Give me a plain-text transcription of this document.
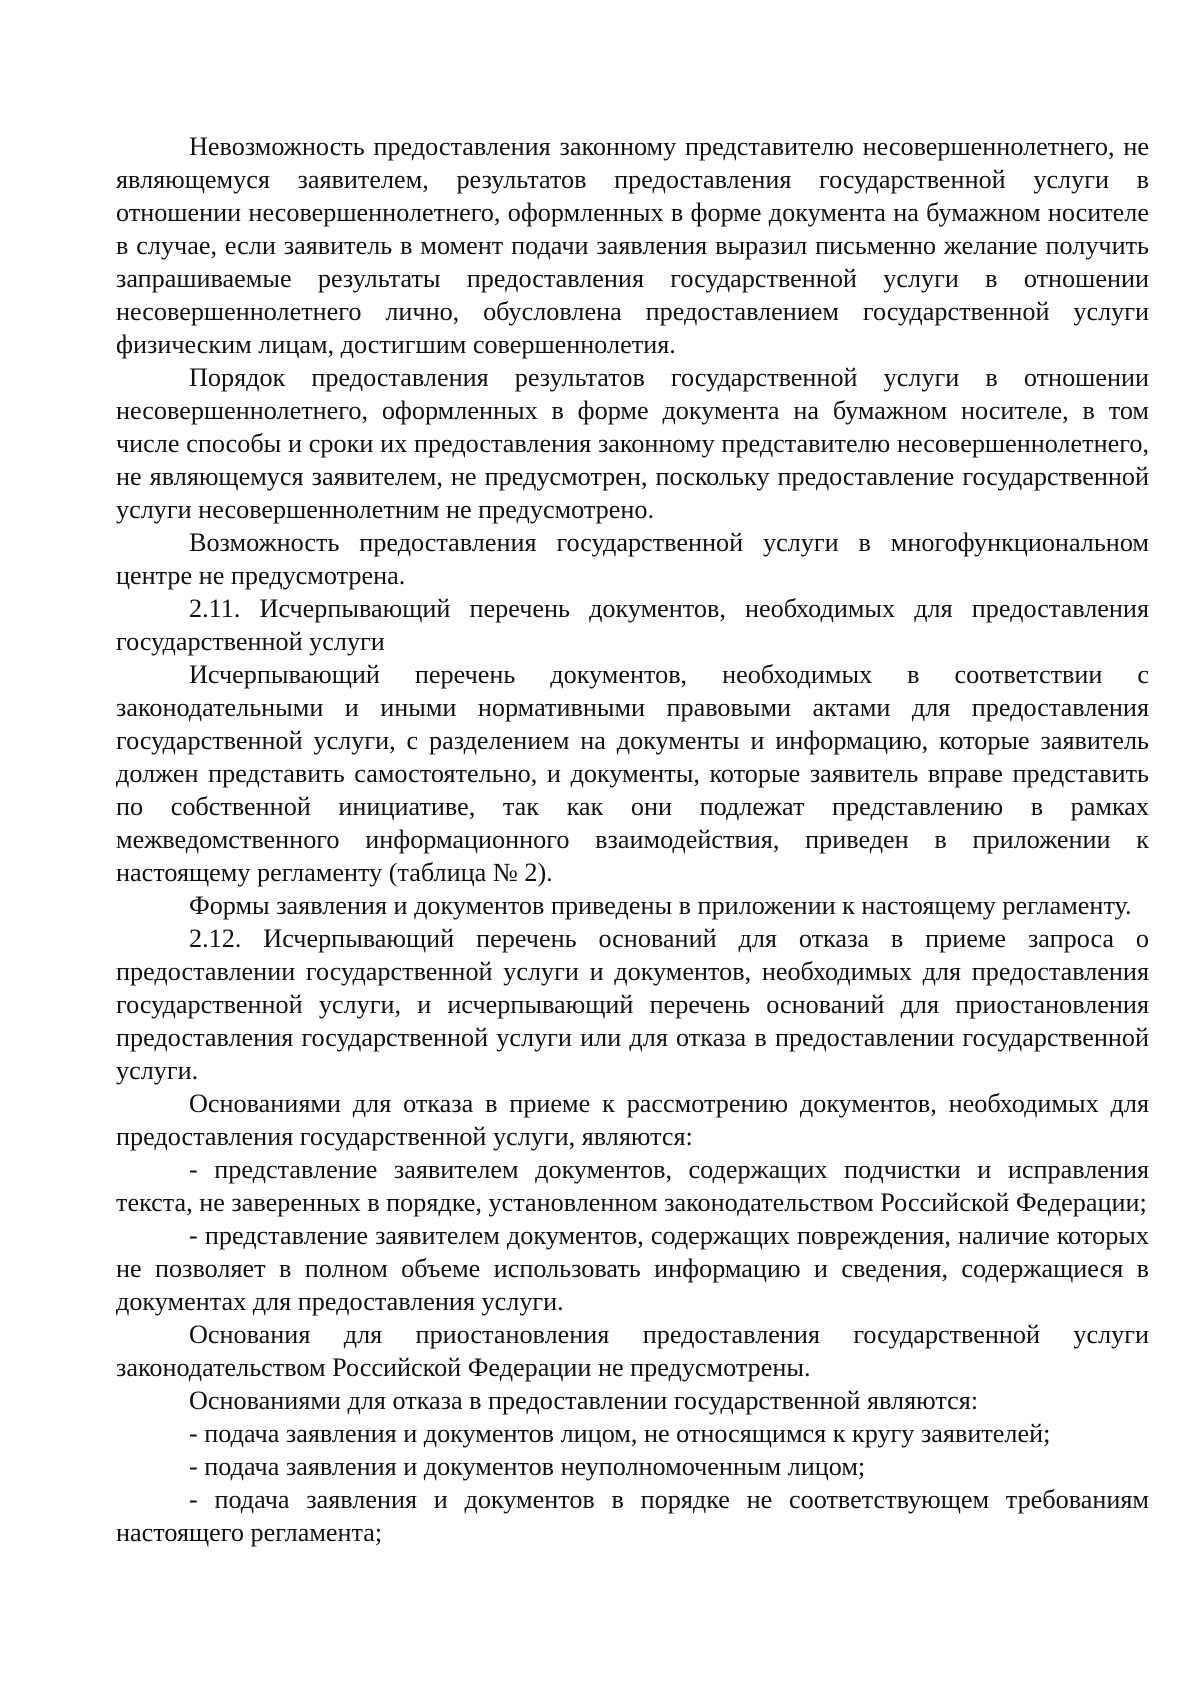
Невозможность предоставления законному представителю несовершеннолетнего, не являющемуся заявителем, результатов предоставления государственной услуги в отношении несовершеннолетнего, оформленных в форме документа на бумажном носителе в случае, если заявитель в момент подачи заявления выразил письменно желание получить запрашиваемые результаты предоставления государственной услуги в отношении несовершеннолетнего лично, обусловлена предоставлением государственной услуги физическим лицам, достигшим совершеннолетия.

Порядок предоставления результатов государственной услуги в отношении несовершеннолетнего, оформленных в форме документа на бумажном носителе, в том числе способы и сроки их предоставления законному представителю несовершеннолетнего, не являющемуся заявителем, не предусмотрен, поскольку предоставление государственной услуги несовершеннолетним не предусмотрено.

Возможность предоставления государственной услуги в многофункциональном центре не предусмотрена.

2.11. Исчерпывающий перечень документов, необходимых для предоставления государственной услуги

Исчерпывающий перечень документов, необходимых в соответствии с законодательными и иными нормативными правовыми актами для предоставления государственной услуги, с разделением на документы и информацию, которые заявитель должен представить самостоятельно, и документы, которые заявитель вправе представить по собственной инициативе, так как они подлежат представлению в рамках межведомственного информационного взаимодействия, приведен в приложении к настоящему регламенту (таблица № 2).

Формы заявления и документов приведены в приложении к настоящему регламенту.

2.12. Исчерпывающий перечень оснований для отказа в приеме запроса о предоставлении государственной услуги и документов, необходимых для предоставления государственной услуги, и исчерпывающий перечень оснований для приостановления предоставления государственной услуги или для отказа в предоставлении государственной услуги.

Основаниями для отказа в приеме к рассмотрению документов, необходимых для предоставления государственной услуги, являются:

- представление заявителем документов, содержащих подчистки и исправления текста, не заверенных в порядке, установленном законодательством Российской Федерации;

- представление заявителем документов, содержащих повреждения, наличие которых не позволяет в полном объеме использовать информацию и сведения, содержащиеся в документах для предоставления услуги.

Основания для приостановления предоставления государственной услуги законодательством Российской Федерации не предусмотрены.

Основаниями для отказа в предоставлении государственной являются:

- подача заявления и документов лицом, не относящимся к кругу заявителей;

- подача заявления и документов неуполномоченным лицом;

- подача заявления и документов в порядке не соответствующем требованиям настоящего регламента;
